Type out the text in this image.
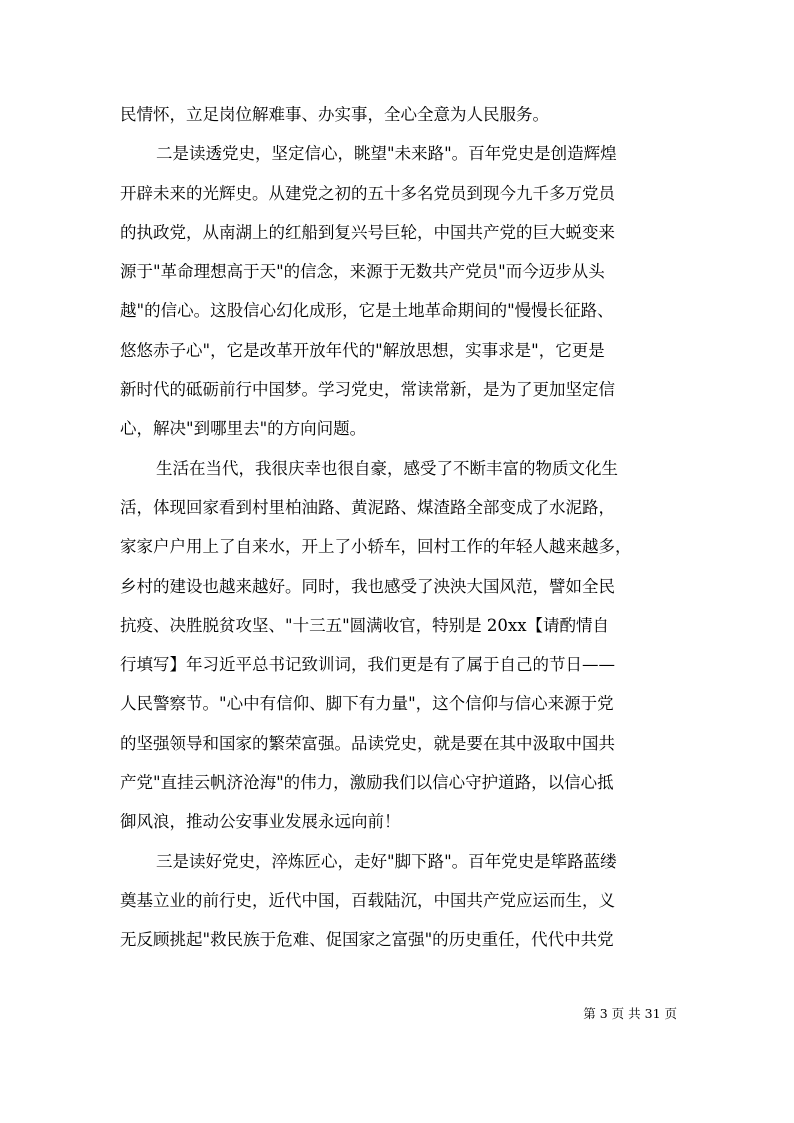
民情怀，立足岗位解难事、办实事，全心全意为人民服务。
二是读透党史，坚定信心，眺望"未来路"。百年党史是创造辉煌
开辟未来的光辉史。从建党之初的五十多名党员到现今九千多万党员
的执政党，从南湖上的红船到复兴号巨轮，中国共产党的巨大蜕变来
源于"革命理想高于天"的信念，来源于无数共产党员"而今迈步从头
越"的信心。这股信心幻化成形，它是土地革命期间的"慢慢长征路、
悠悠赤子心"，它是改革开放年代的"解放思想，实事求是"，它更是
新时代的砥砺前行中国梦。学习党史，常读常新，是为了更加坚定信
心，解决"到哪里去"的方向问题。
生活在当代，我很庆幸也很自豪，感受了不断丰富的物质文化生
活，体现回家看到村里柏油路、黄泥路、煤渣路全部变成了水泥路，
家家户户用上了自来水，开上了小轿车，回村工作的年轻人越来越多，
乡村的建设也越来越好。同时，我也感受了泱泱大国风范，譬如全民
抗疫、决胜脱贫攻坚、"十三五"圆满收官，特别是 20xx【请酌情自
行填写】年习近平总书记致训词，我们更是有了属于自己的节日——
人民警察节。"心中有信仰、脚下有力量"，这个信仰与信心来源于党
的坚强领导和国家的繁荣富强。品读党史，就是要在其中汲取中国共
产党"直挂云帆济沧海"的伟力，激励我们以信心守护道路，以信心抵
御风浪，推动公安事业发展永远向前！
三是读好党史，淬炼匠心，走好"脚下路"。百年党史是筚路蓝缕
奠基立业的前行史，近代中国，百载陆沉，中国共产党应运而生，义
无反顾挑起"救民族于危难、促国家之富强"的历史重任，代代中共党
第 3 页 共 31 页
